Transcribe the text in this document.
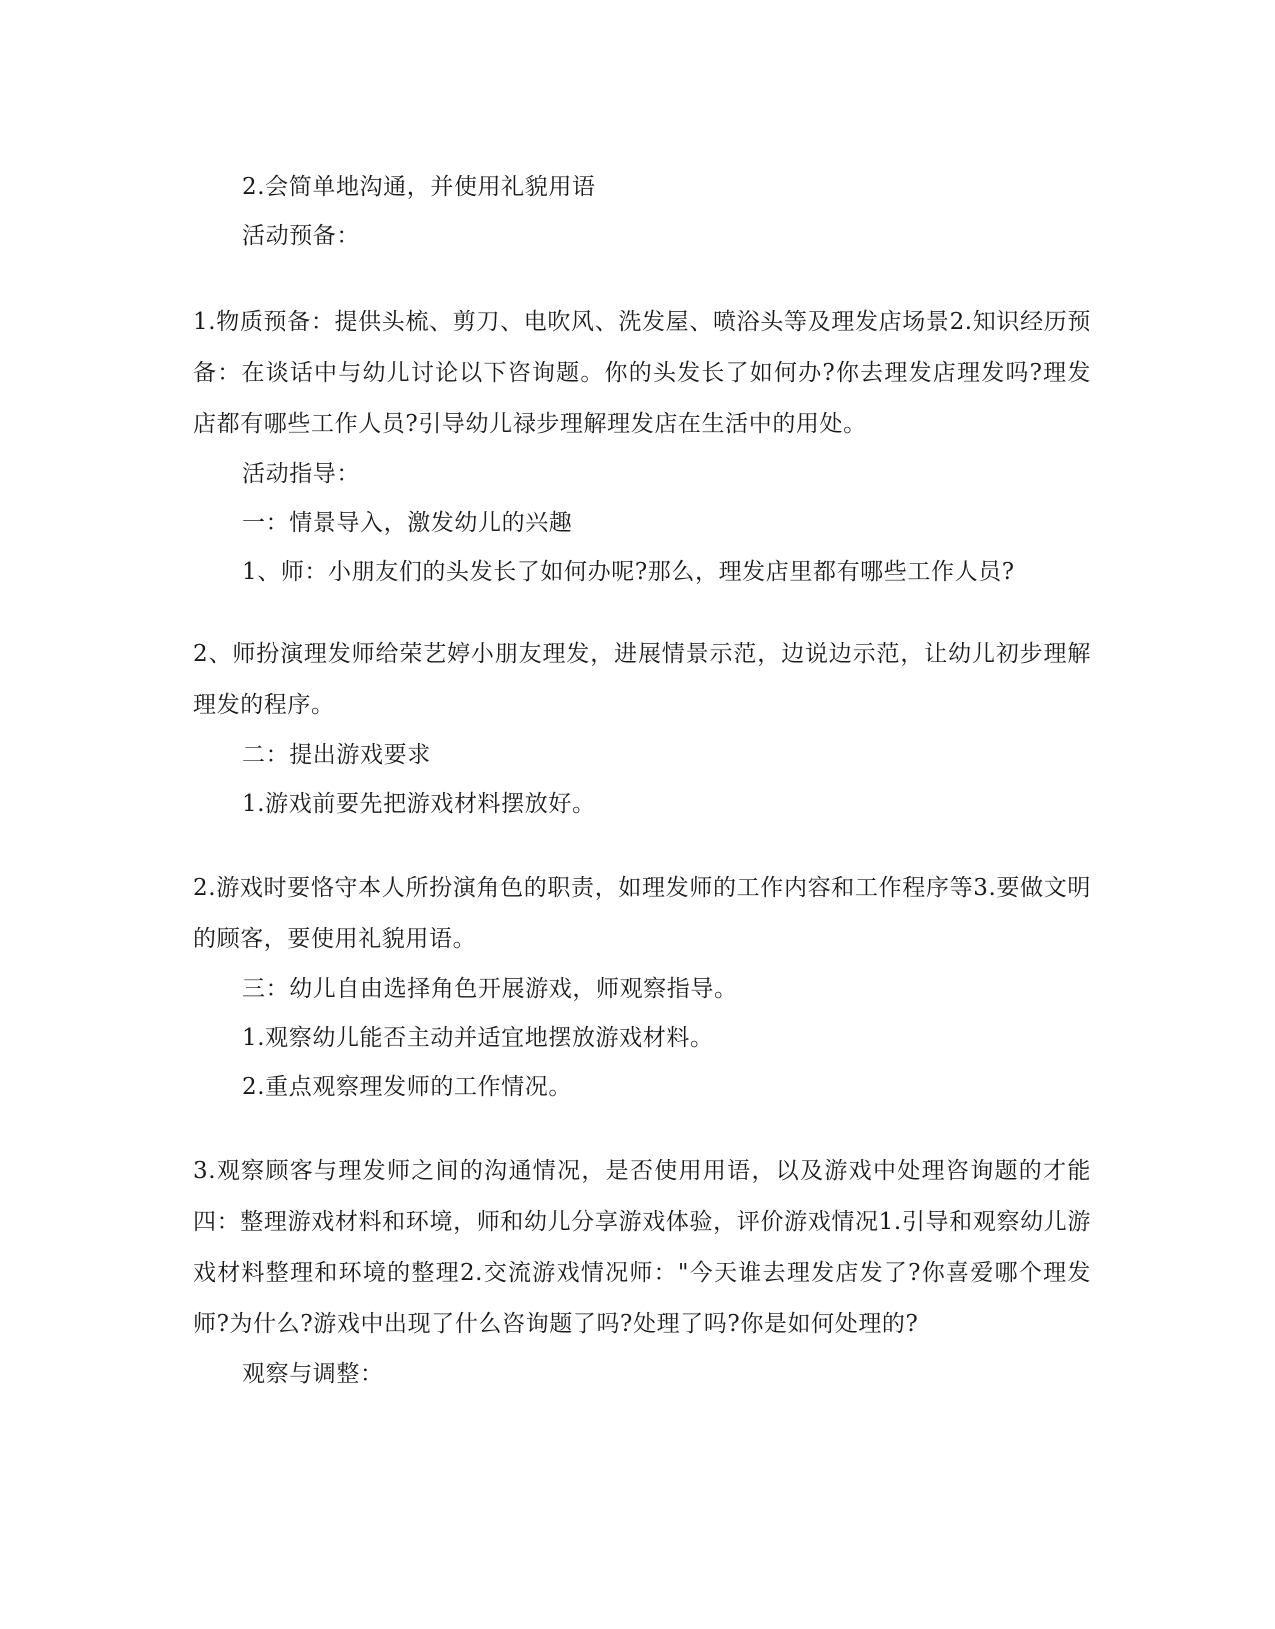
2.会简单地沟通，并使用礼貌用语

活动预备：

1.物质预备：提供头梳、剪刀、电吹风、洗发屋、喷浴头等及理发店场景2.知识经历预备：在谈话中与幼儿讨论以下咨询题。你的头发长了如何办?你去理发店理发吗?理发店都有哪些工作人员?引导幼儿禄步理解理发店在生活中的用处。

活动指导：

一：情景导入，激发幼儿的兴趣

1、师：小朋友们的头发长了如何办呢?那么，理发店里都有哪些工作人员?

2、师扮演理发师给荣艺婷小朋友理发，进展情景示范，边说边示范，让幼儿初步理解理发的程序。

二：提出游戏要求

1.游戏前要先把游戏材料摆放好。

2.游戏时要恪守本人所扮演角色的职责，如理发师的工作内容和工作程序等3.要做文明的顾客，要使用礼貌用语。

三：幼儿自由选择角色开展游戏，师观察指导。

1.观察幼儿能否主动并适宜地摆放游戏材料。

2.重点观察理发师的工作情况。

3.观察顾客与理发师之间的沟通情况，是否使用用语，以及游戏中处理咨询题的才能四：整理游戏材料和环境，师和幼儿分享游戏体验，评价游戏情况1.引导和观察幼儿游戏材料整理和环境的整理2.交流游戏情况师："今天谁去理发店发了?你喜爱哪个理发师?为什么?游戏中出现了什么咨询题了吗?处理了吗?你是如何处理的?

观察与调整：
